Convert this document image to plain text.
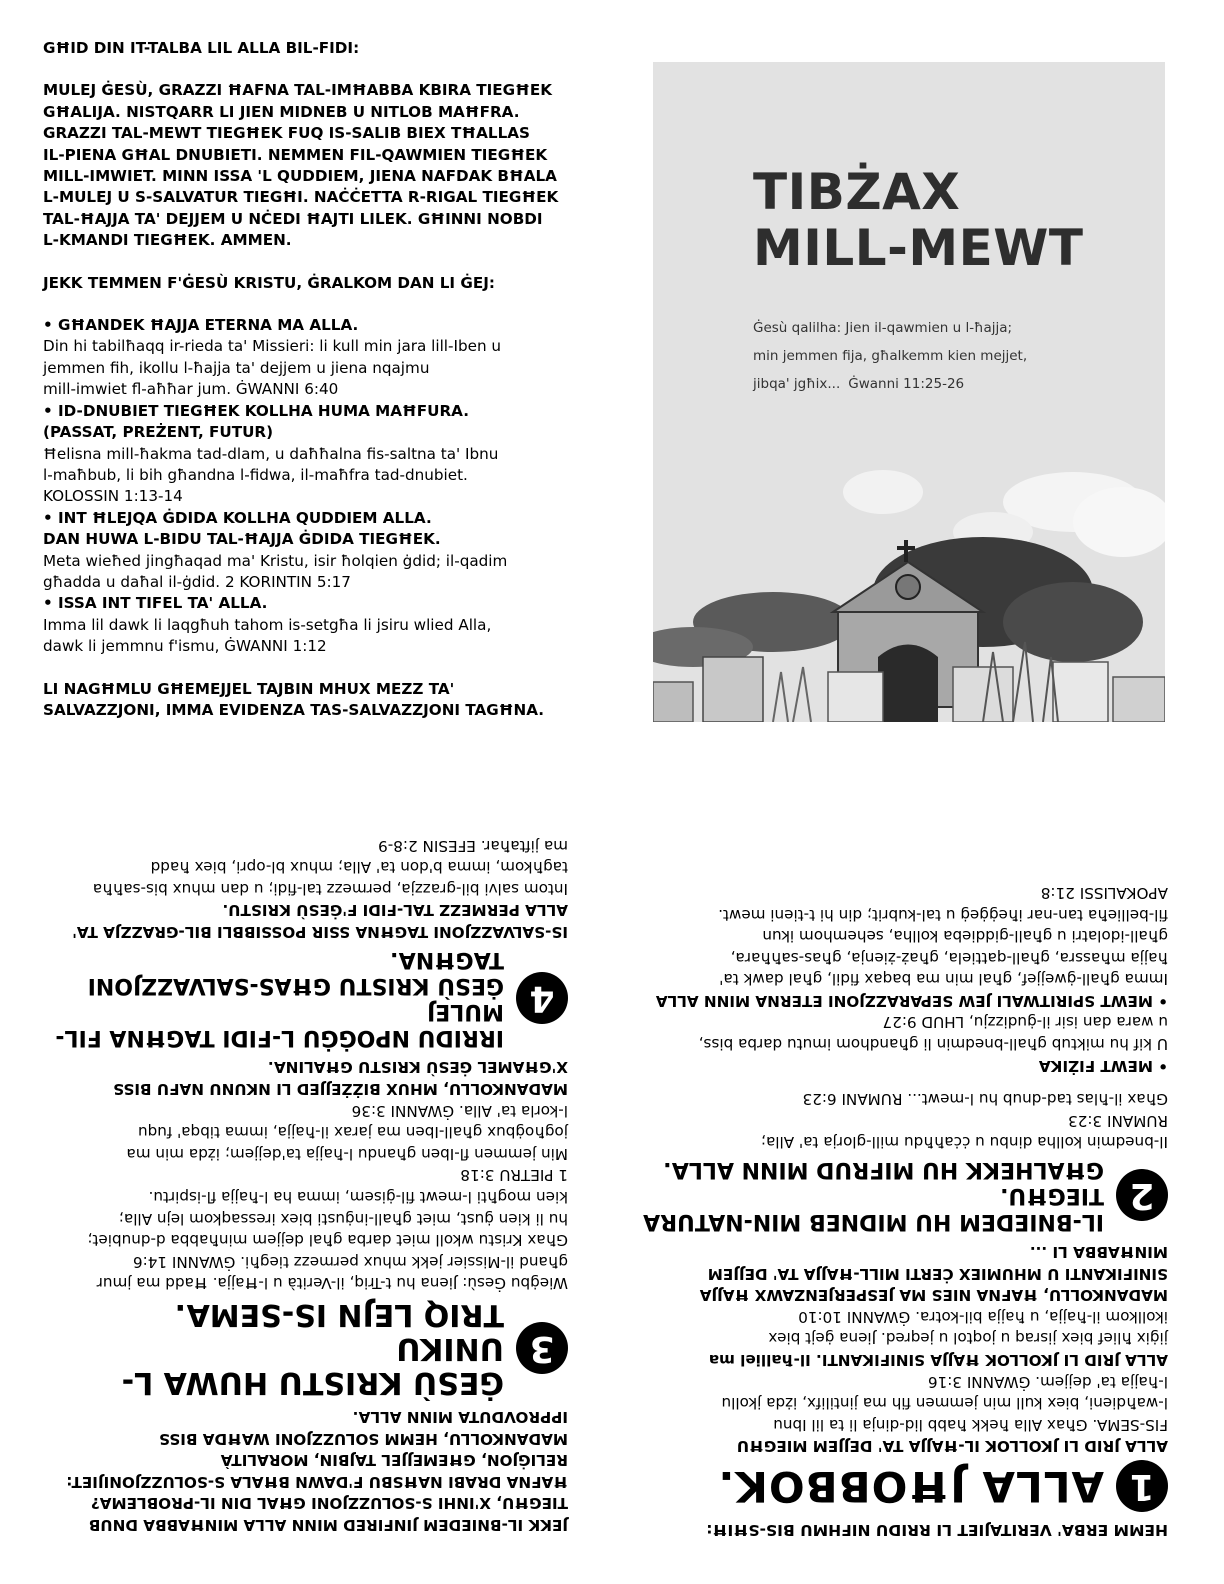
GĦID DIN IT-TALBA LIL ALLA BIL-FIDI:

MULEJ ĠESÙ, GRAZZI ĦAFNA TAL-IMĦABBA KBIRA TIEGĦEK

GĦALIJA. NISTQARR LI JIEN MIDNEB U NITLOB MAĦFRA.

GRAZZI TAL-MEWT TIEGĦEK FUQ IS-SALIB BIEX TĦALLAS

IL-PIENA GĦAL DNUBIETI. NEMMEN FIL-QAWMIEN TIEGĦEK

MILL-IMWIET. MINN ISSA 'L QUDDIEM, JIENA NAFDAK BĦALA

L-MULEJ U S-SALVATUR TIEGĦI. NAĊĊETTA R-RIGAL TIEGĦEK

TAL-ĦAJJA TA' DEJJEM U NĊEDI ĦAJTI LILEK. GĦINNI NOBDI

L-KMANDI TIEGĦEK. AMMEN.

JEKK TEMMEN F'ĠESÙ KRISTU, ĠRALKOM DAN LI ĠEJ:

• GĦANDEK ĦAJJA ETERNA MA ALLA.

Din hi tabilħaqq ir-rieda ta' Missieri: li kull min jara lill-Iben u

jemmen fih, ikollu l-ħajja ta' dejjem u jiena nqajmu

mill-imwiet fl-aħħar jum. ĠWANNI 6:40

• ID-DNUBIET TIEGĦEK KOLLHA HUMA MAĦFURA.

(PASSAT, PREŻENT, FUTUR)

Ħelisna mill-ħakma tad-dlam, u daħħalna fis-saltna ta' Ibnu

l-maħbub, li bih għandna l-fidwa, il-maħfra tad-dnubiet.

KOLOSSIN 1:13-14

• INT ĦLEJQA ĠDIDA KOLLHA QUDDIEM ALLA.

DAN HUWA L-BIDU TAL-ĦAJJA ĠDIDA TIEGĦEK.

Meta wieħed jingħaqad ma' Kristu, isir ħolqien ġdid; il-qadim

għadda u daħal il-ġdid. 2 KORINTIN 5:17

• ISSA INT TIFEL TA' ALLA.

Imma lil dawk li laqgħuh tahom is-setgħa li jsiru wlied Alla,

dawk li jemmnu f'ismu, ĠWANNI 1:12

LI NAGĦMLU GĦEMEJJEL TAJBIN MHUX MEZZ TA'

SALVAZZJONI, IMMA EVIDENZA TAS-SALVAZZJONI TAGĦNA.

TIBŻAX
MILL-MEWT
Ġesù qalilha: Jien il-qawmien u l-ħajja;
min jemmen fija, għalkemm kien mejjet,
jibqa' jgħix... Ġwanni 11:25-26

HEMM ERBA' VERITAJIET LI RRIDU NIFHMU BIS-SĦIĦ:

1
ALLA JĦOBBOK.

ALLA JRID LI JKOLLOK IL-ĦAJJA TA' DEJJEM MIEGĦU

FIS-SEMA. Għax Alla ħekk ħabb lid-dinja li ta lil Ibnu

l-waħdieni, biex kull min jemmen fih ma jintilifx, iżda jkollu

l-ħajja ta' dejjem. ĠWANNI 3:16

ALLA JRID LI JKOLLOK ĦAJJA SINIFIKANTI. Il-ħalliel ma

jiġix ħlief biex jisraq u joqtol u jeqred. Jiena ġejt biex

ikollkom il-ħajja, u ħajja bil-kotra. ĠWANNI 10:10

MADANKOLLU, ĦAFNA NIES MA JESPERJENZAWX ĦAJJA

SINIFIKANTI U MHUMIEX ĊERTI MILL-ĦAJJA TA' DEJJEM

MINĦABBA LI ...

2
IL-BNIEDEM HU MIDNEB MIN-NATURA TIEGĦU.
GĦALHEKK HU MIFRUD MINN ALLA.

Il-bnedmin kollha dinbu u ċċaħħdu mill-glorja ta' Alla;

RUMANI 3:23

Għax il-ħlas tad-dnub hu l-mewt... RUMANI 6:23

• MEWT FIŻIKA

U kif hu miktub għall-bnedmin li għandhom imutu darba biss,

u wara dan isir il-ġudizzju, LHUD 9:27

• MEWT SPIRITWALI JEW SEPARAZZJONI ETERNA MINN ALLA

Imma għall-ġwejjef, għal min ma baqax fidil, għal dawk ta'

ħajja mħassra, għall-qattiela, għaż-żienja, għas-saħħara,

għall-idolatri u għall-giddieba kollha, sehemhom ikun

fil-bellieħa tan-nar iħeġġeġ u tal-kubrit; din hi t-tieni mewt.

APOKALISSI 21:8

JEKK IL-BNIEDEM JINFIRED MINN ALLA MINĦABBA DNUB

TIEGĦU, X'INHI S-SOLUZZJONI GĦAL DIN IL-PROBLEMA?

ĦAFNA DRABI NAĦSBU F'DAWN BĦALA S-SOLUZZJONIJIET:

RELIĠJON, GĦEMEJJEL TAJBIN, MORALITÀ

MADANKOLLU, HEMM SOLUZZJONI WAĦDA BISS

IPPROVDUTA MINN ALLA.

3
ĠESÙ KRISTU HUWA L-UNIKU
TRIQ LEJN IS-SEMA.

Wieġbu Ġesù: Jiena hu t-Triq, il-Verità u l-Ħajja. Ħadd ma jmur

għand il-Missier jekk mhux permezz tiegħi. ĠWANNI 14:6

Għax Kristu wkoll miet darba għal dejjem minħabba d-dnubiet;

hu li kien ġust, miet għall-inġusti biex iressaqkom lejn Alla;

kien mogħti l-mewt fil-ġisem, imma ha l-ħajja fl-ispirtu.

1 PIETRU 3:18

Min jemmen fl-Iben għandu l-ħajja ta'dejjem; iżda min ma

jogħoġbux għall-Iben ma jarax il-ħajja, imma tibqa' fuqu

l-korla ta' Alla. ĠWANNI 3:36

MADANKOLLU, MHUX BIŻŻEJJED LI NKUNU NAFU BISS

X'GĦAMEL ĠESÙ KRISTU GĦALINA.

4
IRRIDU NPOĠĠU L-FIDI TAGĦNA FIL-MULEJ
ĠESÙ KRISTU GĦAS-SALVAZZJONI TAGĦNA.

IS-SALVAZZJONI TAGĦNA SSIR POSSIBBLI BIL-GRAZZJA TA'

ALLA PERMEZZ TAL-FIDI F'ĠESÙ KRISTU.

Intom salvi bil-grazzja, permezz tal-fidi; u dan mhux bis-saħħa

tagħkom, imma b'don ta' Alla; mhux bl-opri, biex ħadd

ma jiftaħar. EFESIN 2:8-9
